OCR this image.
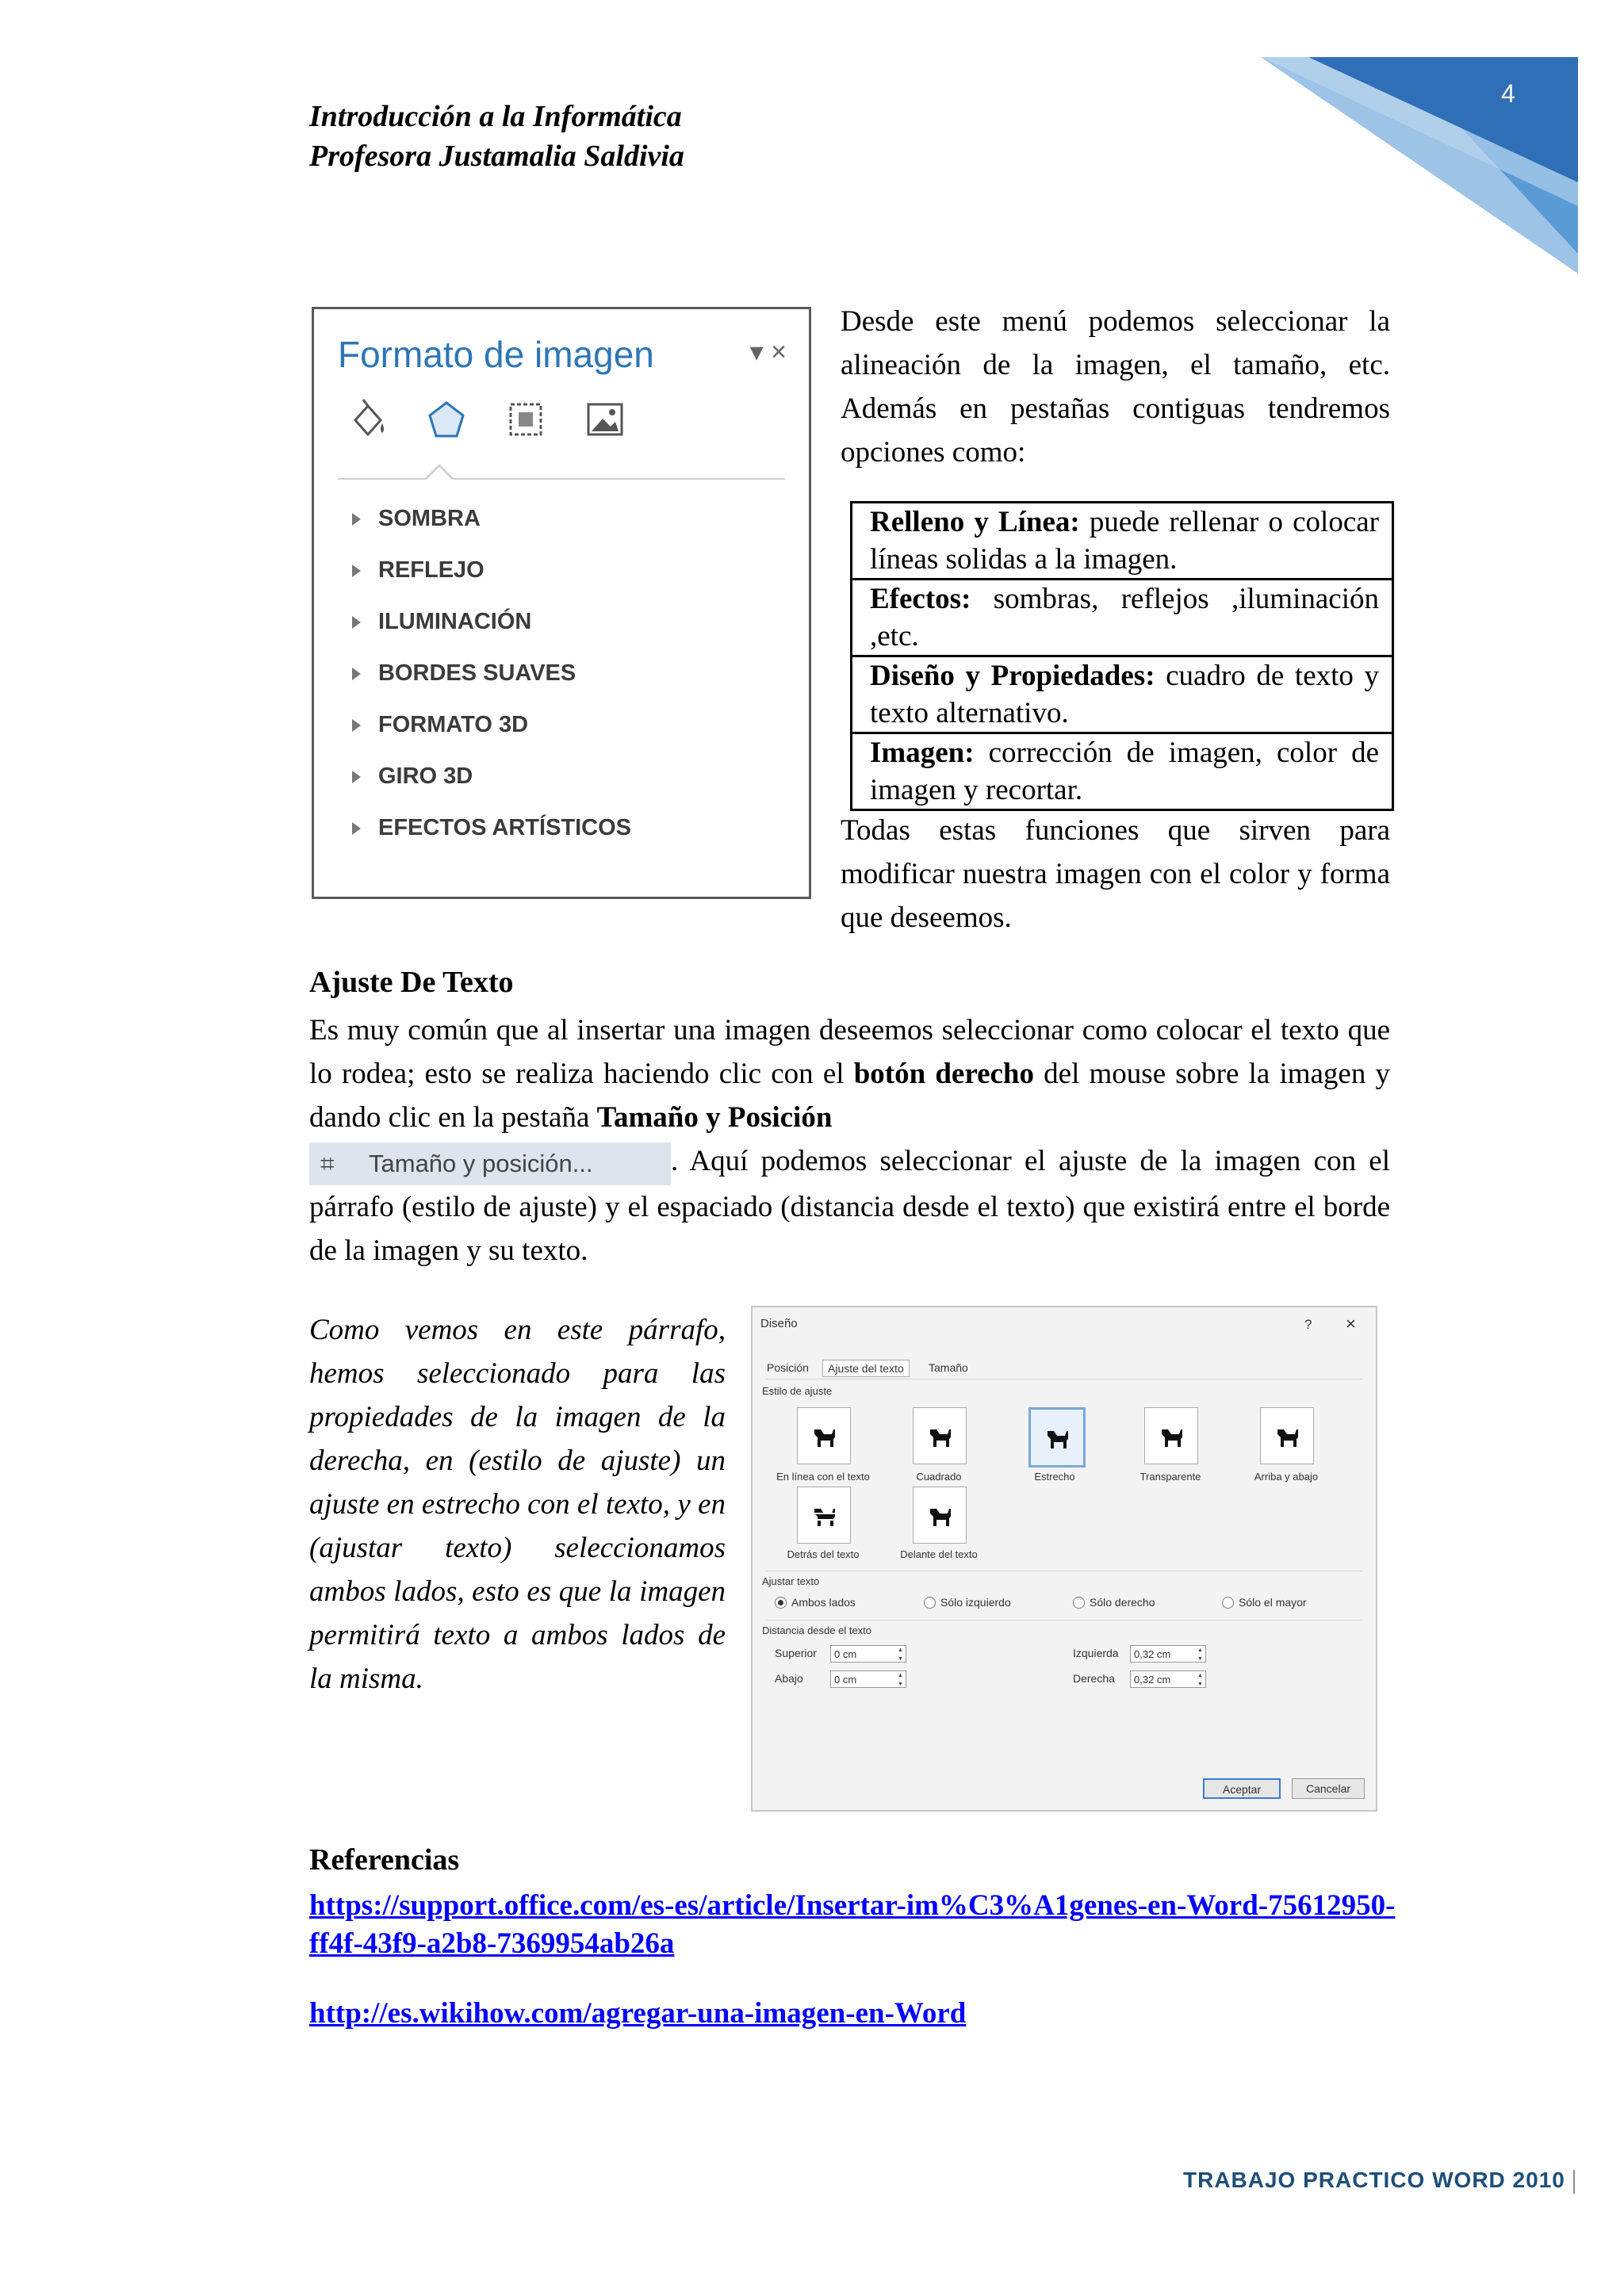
Introducción a la Informática
Profesora Justamalia Saldivia
4
Formato de imagen	▾ ×
SOMBRA
REFLEJO
ILUMINACIÓN
BORDES SUAVES
FORMATO 3D
GIRO 3D
EFECTOS ARTÍSTICOS
Desde este menú podemos seleccionar la alineación de la imagen, el tamaño, etc. Además en pestañas contiguas tendremos opciones como:
Relleno y Línea: puede rellenar o colocar líneas solidas a la imagen.
Efectos: sombras, reflejos ,iluminación ,etc.
Diseño y Propiedades: cuadro de texto y texto alternativo.
Imagen: corrección de imagen, color de imagen y recortar.
Todas estas funciones que sirven para modificar nuestra imagen con el color y forma que deseemos.
Ajuste De Texto
Es muy común que al insertar una imagen deseemos seleccionar como colocar el texto que lo rodea; esto se realiza haciendo clic con el botón derecho del mouse sobre la imagen y dando clic en la pestaña Tamaño y Posición

⌗ Tamaño y posición...	. Aquí podemos seleccionar el ajuste de la imagen con el párrafo (estilo de ajuste) y el espaciado (distancia desde el texto) que existirá entre el borde de la imagen y su texto.
Como vemos en este párrafo, hemos seleccionado para las propiedades de la imagen de la derecha, en (estilo de ajuste) un ajuste en estrecho con el texto, y en (ajustar texto) seleccionamos ambos lados, esto es que la imagen permitirá texto a ambos lados de la misma.
Diseño	? ×
Posición	Ajuste del texto	Tamaño
Estilo de ajuste
En línea con el texto	Cuadrado	Estrecho	Transparente	Arriba y abajo
Detrás del texto	Delante del texto
Ajustar texto
Ambos lados	Sólo izquierdo	Sólo derecho	Sólo el mayor
Distancia desde el texto
Superior	0 cm ▲▼
Abajo	0 cm ▲▼
Izquierda	0,32 cm ▲▼
Derecha	0,32 cm ▲▼
Aceptar	Cancelar
Referencias
https://support.office.com/es-es/article/Insertar-im%C3%A1genes-en-Word-75612950-ff4f-43f9-a2b8-7369954ab26a
http://es.wikihow.com/agregar-una-imagen-en-Word
TRABAJO PRACTICO WORD 2010
